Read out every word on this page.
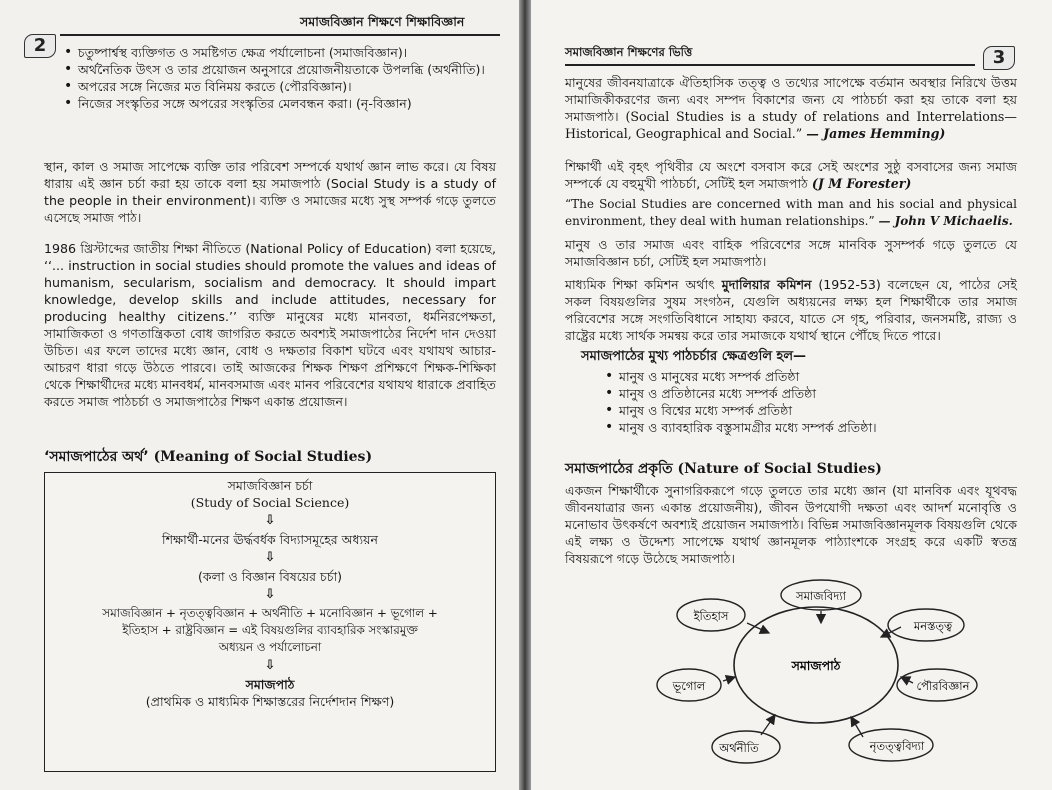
সমাজবিজ্ঞান শিক্ষণে শিক্ষাবিজ্ঞান
2	• চতুষ্পার্শ্বস্থ ব্যক্তিগত ও সমষ্টিগত ক্ষেত্র পর্যালোচনা (সমাজবিজ্ঞান)।
• অর্থনৈতিক উৎস ও তার প্রয়োজন অনুসারে প্রয়োজনীয়তাকে উপলব্ধি (অর্থনীতি)।
• অপরের সঙ্গে নিজের মত বিনিময় করতে (পৌরবিজ্ঞান)।
• নিজের সংস্কৃতির সঙ্গে অপরের সংস্কৃতির মেলবন্ধন করা। (নৃ-বিজ্ঞান)

স্থান, কাল ও সমাজ সাপেক্ষে ব্যক্তি তার পরিবেশ সম্পর্কে যথার্থ জ্ঞান লাভ করে। যে বিষয় ধারায় এই জ্ঞান চর্চা করা হয় তাকে বলা হয় সমাজপাঠ (Social Study is a study of the people in their environment)। ব্যক্তি ও সমাজের মধ্যে সুস্থ সম্পর্ক গড়ে তুলতে এসেছে সমাজ পাঠ।

1986 খ্রিস্টাব্দের জাতীয় শিক্ষা নীতিতে (National Policy of Education) বলা হয়েছে, ‘‘... instruction in social studies should promote the values and ideas of humanism, secularism, socialism and democracy. It should impart knowledge, develop skills and include attitudes, necessary for producing healthy citizens.’’ ব্যক্তি মানুষের মধ্যে মানবতা, ধর্মনিরপেক্ষতা, সামাজিকতা ও গণতান্ত্রিকতা বোধ জাগরিত করতে অবশ্যই সমাজপাঠের নির্দেশ দান দেওয়া উচিত। এর ফলে তাদের মধ্যে জ্ঞান, বোধ ও দক্ষতার বিকাশ ঘটবে এবং যথাযথ আচার-আচরণ ধারা গড়ে উঠতে পারবে। তাই আজকের শিক্ষক শিক্ষণ প্রশিক্ষণে শিক্ষক-শিক্ষিকা থেকে শিক্ষার্থীদের মধ্যে মানবধর্ম, মানবসমাজ এবং মানব পরিবেশের যথাযথ ধারাকে প্রবাহিত করতে সমাজ পাঠচর্চা ও সমাজপাঠের শিক্ষণ একান্ত প্রয়োজন।

‘সমাজপাঠের অর্থ’ (Meaning of Social Studies)
সমাজবিজ্ঞান চর্চা
(Study of Social Science)
⇩
শিক্ষার্থী-মনের ঊর্দ্ধবর্ধক বিদ্যাসমূহের অধ্যয়ন
⇩
(কলা ও বিজ্ঞান বিষয়ের চর্চা)
⇩
সমাজবিজ্ঞান + নৃতত্ত্ববিজ্ঞান + অর্থনীতি + মনোবিজ্ঞান + ভূগোল +
ইতিহাস + রাষ্ট্রবিজ্ঞান = এই বিষয়গুলির ব্যাবহারিক সংস্কারমুক্ত
অধ্যয়ন ও পর্যালোচনা
⇩
সমাজপাঠ
(প্রাথমিক ও মাধ্যমিক শিক্ষাস্তরের নির্দেশদান শিক্ষণ)
সমাজবিজ্ঞান শিক্ষণের ভিত্তি	3

মানুষের জীবনযাত্রাকে ঐতিহাসিক তত্ত্ব ও তথ্যের সাপেক্ষে বর্তমান অবস্থার নিরিখে উত্তম সামাজিকীকরণের জন্য এবং সম্পদ বিকাশের জন্য যে পাঠচর্চা করা হয় তাকে বলা হয় সমাজপাঠ। (Social Studies is a study of relations and Interrelations—Historical, Geographical and Social.” — James Hemming)

শিক্ষার্থী এই বৃহৎ পৃথিবীর যে অংশে বসবাস করে সেই অংশের সুষ্ঠু বসবাসের জন্য সমাজ সম্পর্কে যে বহুমুখী পাঠচর্চা, সেটিই হল সমাজপাঠ (J M Forester)

“The Social Studies are concerned with man and his social and physical environment, they deal with human relationships.” — John V Michaelis.

মানুষ ও তার সমাজ এবং বাহিক পরিবেশের সঙ্গে মানবিক সুসম্পর্ক গড়ে তুলতে যে সমাজবিজ্ঞান চর্চা, সেটিই হল সমাজপাঠ।

মাধ্যমিক শিক্ষা কমিশন অর্থাৎ মুদালিয়ার কমিশন (1952-53) বলেছেন যে, পাঠের সেই সকল বিষয়গুলির সুষম সংগঠন, যেগুলি অধ্যয়নের লক্ষ্য হল শিক্ষার্থীকে তার সমাজ পরিবেশের সঙ্গে সংগতিবিধানে সাহায্য করবে, যাতে সে গৃহ, পরিবার, জনসমষ্টি, রাজ্য ও রাষ্ট্রের মধ্যে সার্থক সমন্বয় করে তার সমাজকে যথার্থ স্থানে পৌঁছে দিতে পারে।

সমাজপাঠের মুখ্য পাঠচর্চার ক্ষেত্রগুলি হল—
• মানুষ ও মানুষের মধ্যে সম্পর্ক প্রতিষ্ঠা
• মানুষ ও প্রতিষ্ঠানের মধ্যে সম্পর্ক প্রতিষ্ঠা
• মানুষ ও বিশ্বের মধ্যে সম্পর্ক প্রতিষ্ঠা
• মানুষ ও ব্যাবহারিক বস্তুসামগ্রীর মধ্যে সম্পর্ক প্রতিষ্ঠা।
সমাজপাঠের প্রকৃতি (Nature of Social Studies)

একজন শিক্ষার্থীকে সুনাগরিকরূপে গড়ে তুলতে তার মধ্যে জ্ঞান (যা মানবিক এবং যূথবদ্ধ জীবনযাত্রার জন্য একান্ত প্রয়োজনীয়), জীবন উপযোগী দক্ষতা এবং আদর্শ মনোবৃত্তি ও মনোভাব উৎকর্ষণে অবশ্যই প্রয়োজন সমাজপাঠ। বিভিন্ন সমাজবিজ্ঞানমূলক বিষয়গুলি থেকে এই লক্ষ্য ও উদ্দেশ্য সাপেক্ষে যথার্থ জ্ঞানমূলক পাঠ্যাংশকে সংগ্রহ করে একটি স্বতন্ত্র বিষয়রূপে গড়ে উঠেছে সমাজপাঠ।

সমাজপাঠ
ইতিহাস
সমাজবিদ্যা
মনস্তত্ত্ব
পৌরবিজ্ঞান
নৃতত্ত্ববিদ্যা
অর্থনীতি
ভূগোল
